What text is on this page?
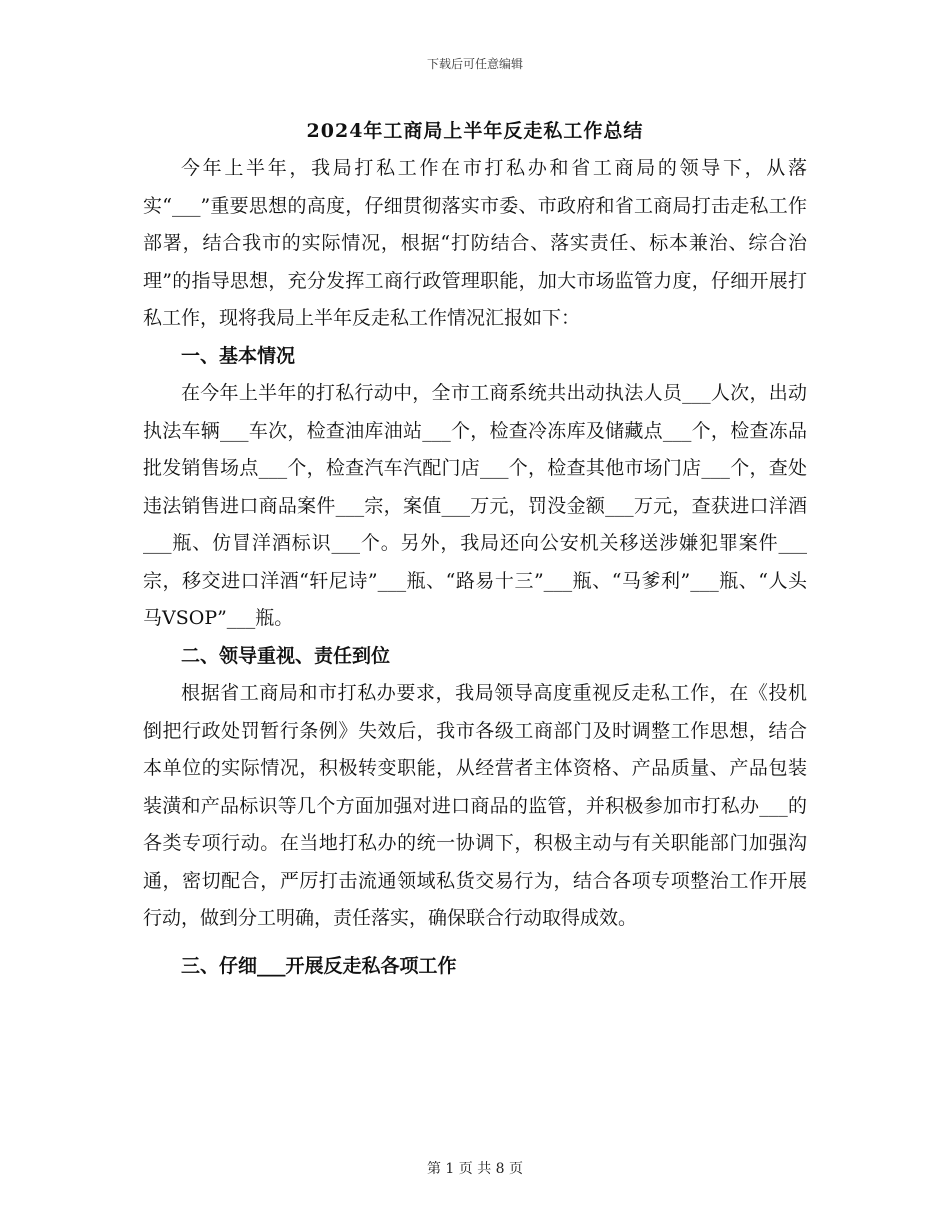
下载后可任意编辑
2024年工商局上半年反走私工作总结

今年上半年，我局打私工作在市打私办和省工商局的领导下，从落实“___”重要思想的高度，仔细贯彻落实市委、市政府和省工商局打击走私工作部署，结合我市的实际情况，根据“打防结合、落实责任、标本兼治、综合治理”的指导思想，充分发挥工商行政管理职能，加大市场监管力度，仔细开展打私工作，现将我局上半年反走私工作情况汇报如下：

一、基本情况

在今年上半年的打私行动中，全市工商系统共出动执法人员___人次，出动执法车辆___车次，检查油库油站___个，检查冷冻库及储藏点___个，检查冻品批发销售场点___个，检查汽车汽配门店___个，检查其他市场门店___个，查处违法销售进口商品案件___宗，案值___万元，罚没金额___万元，查获进口洋酒___瓶、仿冒洋酒标识___个。另外，我局还向公安机关移送涉嫌犯罪案件___宗，移交进口洋酒“轩尼诗”___瓶、“路易十三”___瓶、“马爹利”___瓶、“人头马VSOP”___瓶。

二、领导重视、责任到位

根据省工商局和市打私办要求，我局领导高度重视反走私工作，在《投机倒把行政处罚暂行条例》失效后，我市各级工商部门及时调整工作思想，结合本单位的实际情况，积极转变职能，从经营者主体资格、产品质量、产品包装装潢和产品标识等几个方面加强对进口商品的监管，并积极参加市打私办___的各类专项行动。在当地打私办的统一协调下，积极主动与有关职能部门加强沟通，密切配合，严厉打击流通领域私货交易行为，结合各项专项整治工作开展行动，做到分工明确，责任落实，确保联合行动取得成效。

三、仔细___开展反走私各项工作
第 1 页 共 8 页
